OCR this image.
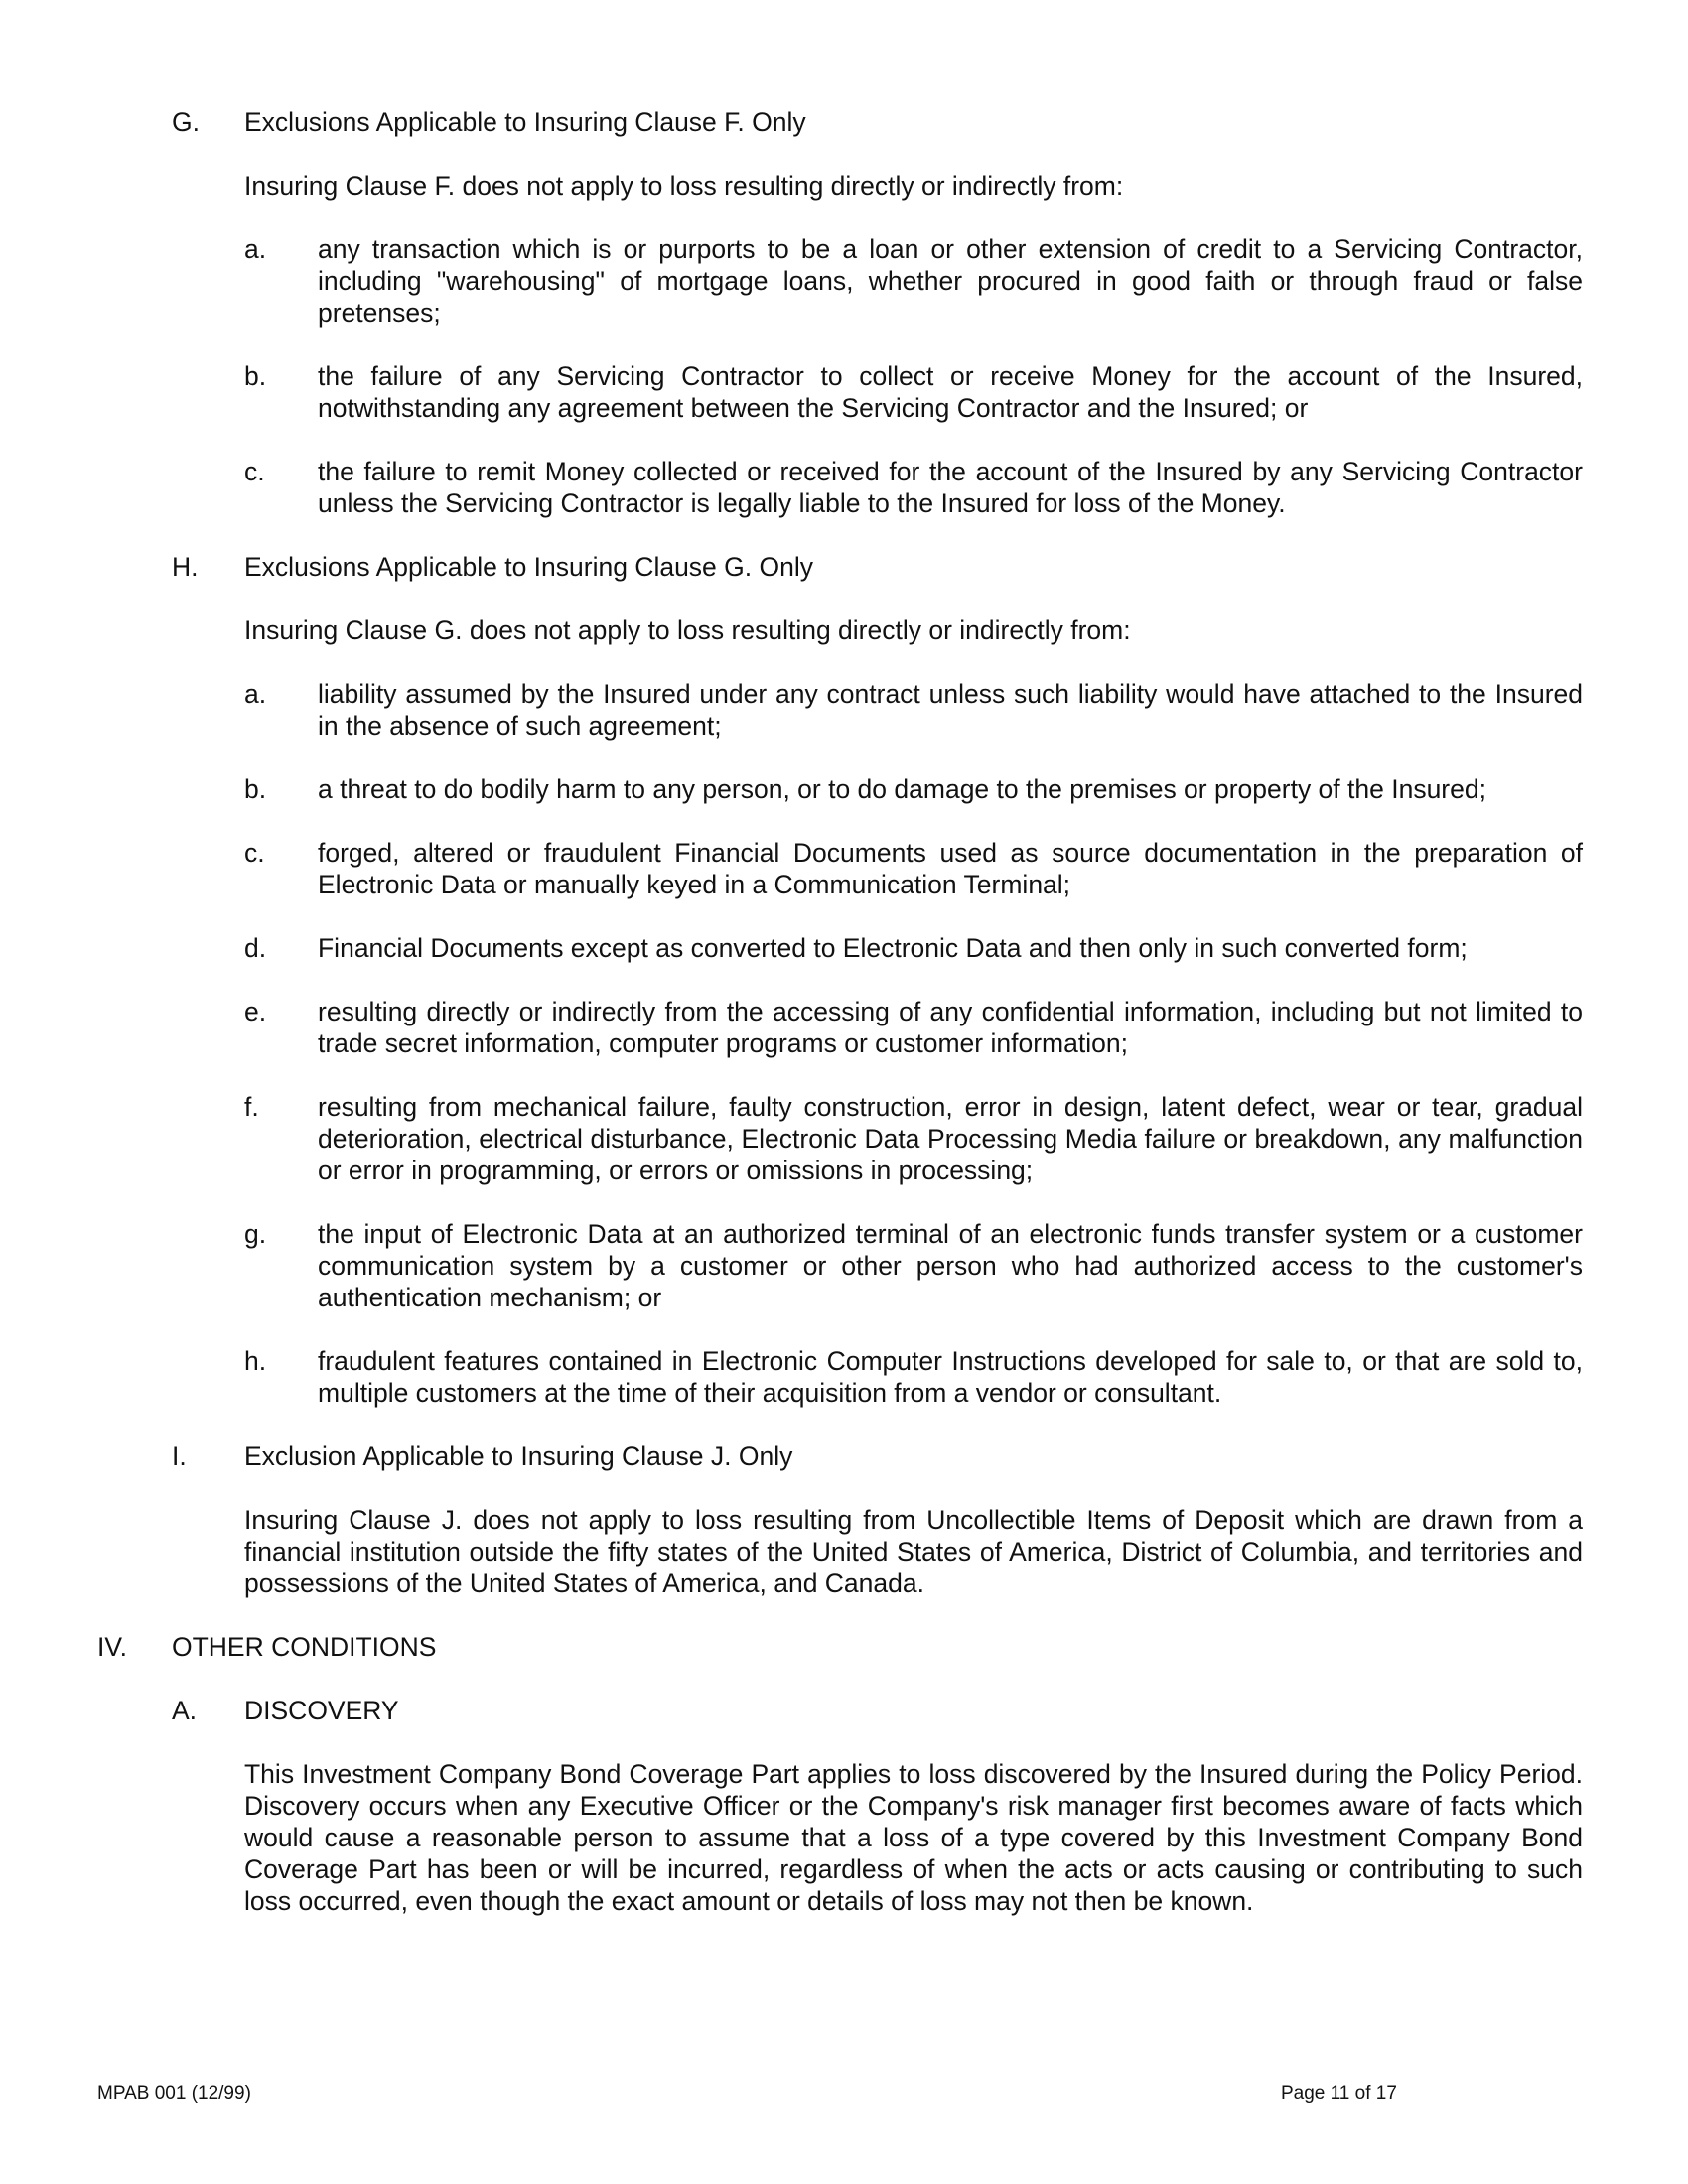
G. Exclusions Applicable to Insuring Clause F. Only
Insuring Clause F. does not apply to loss resulting directly or indirectly from:
a. any transaction which is or purports to be a loan or other extension of credit to a Servicing Contractor, including "warehousing" of mortgage loans, whether procured in good faith or through fraud or false pretenses;
b. the failure of any Servicing Contractor to collect or receive Money for the account of the Insured, notwithstanding any agreement between the Servicing Contractor and the Insured; or
c. the failure to remit Money collected or received for the account of the Insured by any Servicing Contractor unless the Servicing Contractor is legally liable to the Insured for loss of the Money.
H. Exclusions Applicable to Insuring Clause G. Only
Insuring Clause G. does not apply to loss resulting directly or indirectly from:
a. liability assumed by the Insured under any contract unless such liability would have attached to the Insured in the absence of such agreement;
b. a threat to do bodily harm to any person, or to do damage to the premises or property of the Insured;
c. forged, altered or fraudulent Financial Documents used as source documentation in the preparation of Electronic Data or manually keyed in a Communication Terminal;
d. Financial Documents except as converted to Electronic Data and then only in such converted form;
e. resulting directly or indirectly from the accessing of any confidential information, including but not limited to trade secret information, computer programs or customer information;
f. resulting from mechanical failure, faulty construction, error in design, latent defect, wear or tear, gradual deterioration, electrical disturbance, Electronic Data Processing Media failure or breakdown, any malfunction or error in programming, or errors or omissions in processing;
g. the input of Electronic Data at an authorized terminal of an electronic funds transfer system or a customer communication system by a customer or other person who had authorized access to the customer's authentication mechanism; or
h. fraudulent features contained in Electronic Computer Instructions developed for sale to, or that are sold to, multiple customers at the time of their acquisition from a vendor or consultant.
I. Exclusion Applicable to Insuring Clause J. Only
Insuring Clause J. does not apply to loss resulting from Uncollectible Items of Deposit which are drawn from a financial institution outside the fifty states of the United States of America, District of Columbia, and territories and possessions of the United States of America, and Canada.
IV. OTHER CONDITIONS
A. DISCOVERY
This Investment Company Bond Coverage Part applies to loss discovered by the Insured during the Policy Period. Discovery occurs when any Executive Officer or the Company's risk manager first becomes aware of facts which would cause a reasonable person to assume that a loss of a type covered by this Investment Company Bond Coverage Part has been or will be incurred, regardless of when the acts or acts causing or contributing to such loss occurred, even though the exact amount or details of loss may not then be known.
MPAB 001 (12/99)	Page 11 of 17
